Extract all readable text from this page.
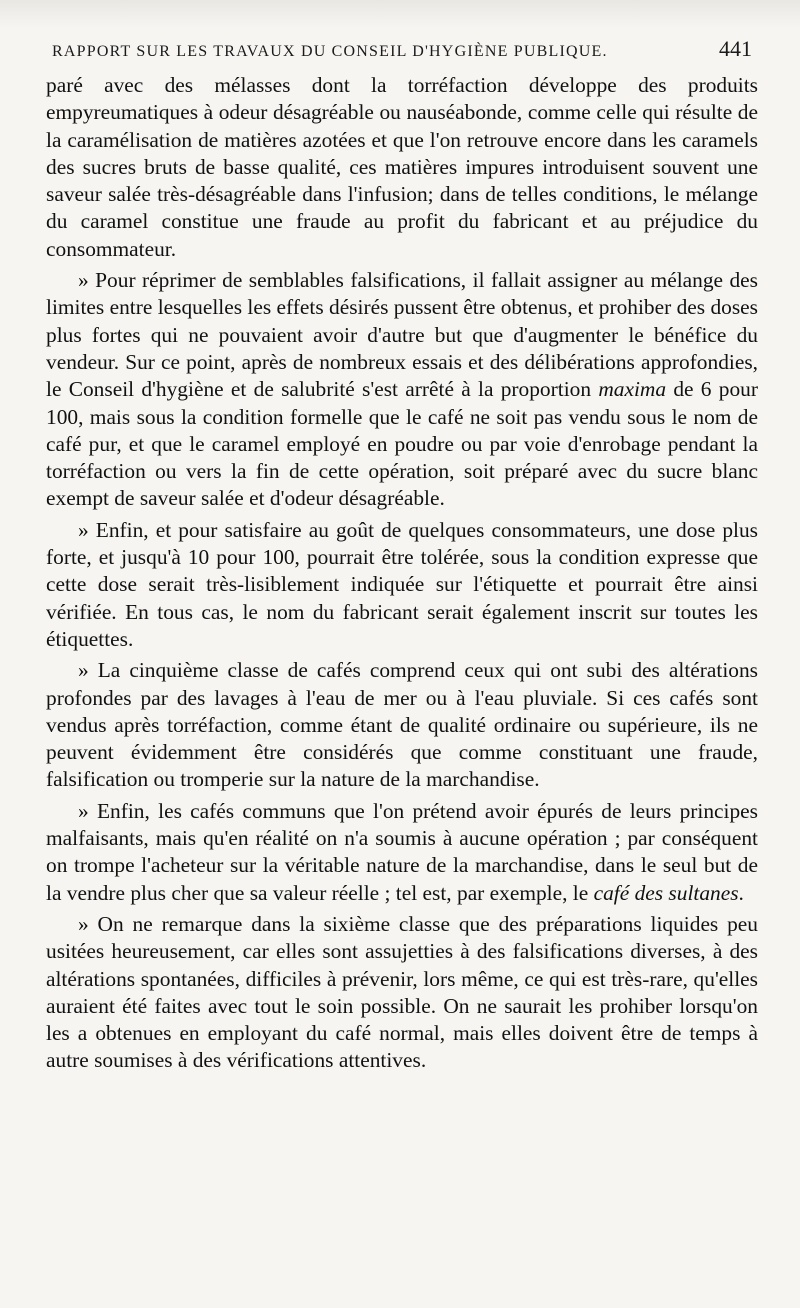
RAPPORT SUR LES TRAVAUX DU CONSEIL D'HYGIÈNE PUBLIQUE.	441

paré avec des mélasses dont la torréfaction développe des produits empyreumatiques à odeur désagréable ou nauséabonde, comme celle qui résulte de la caramélisation de matières azotées et que l'on retrouve encore dans les caramels des sucres bruts de basse qualité, ces matières impures introduisent souvent une saveur salée très-désagréable dans l'infusion; dans de telles conditions, le mélange du caramel constitue une fraude au profit du fabricant et au préjudice du consommateur.

» Pour réprimer de semblables falsifications, il fallait assigner au mélange des limites entre lesquelles les effets désirés pussent être obtenus, et prohiber des doses plus fortes qui ne pouvaient avoir d'autre but que d'augmenter le bénéfice du vendeur. Sur ce point, après de nombreux essais et des délibérations approfondies, le Conseil d'hygiène et de salubrité s'est arrêté à la proportion maxima de 6 pour 100, mais sous la condition formelle que le café ne soit pas vendu sous le nom de café pur, et que le caramel employé en poudre ou par voie d'enrobage pendant la torréfaction ou vers la fin de cette opération, soit préparé avec du sucre blanc exempt de saveur salée et d'odeur désagréable.

» Enfin, et pour satisfaire au goût de quelques consommateurs, une dose plus forte, et jusqu'à 10 pour 100, pourrait être tolérée, sous la condition expresse que cette dose serait très-lisiblement indiquée sur l'étiquette et pourrait être ainsi vérifiée. En tous cas, le nom du fabricant serait également inscrit sur toutes les étiquettes.

» La cinquième classe de cafés comprend ceux qui ont subi des altérations profondes par des lavages à l'eau de mer ou à l'eau pluviale. Si ces cafés sont vendus après torréfaction, comme étant de qualité ordinaire ou supérieure, ils ne peuvent évidemment être considérés que comme constituant une fraude, falsification ou tromperie sur la nature de la marchandise.

» Enfin, les cafés communs que l'on prétend avoir épurés de leurs principes malfaisants, mais qu'en réalité on n'a soumis à aucune opération ; par conséquent on trompe l'acheteur sur la véritable nature de la marchandise, dans le seul but de la vendre plus cher que sa valeur réelle ; tel est, par exemple, le café des sultanes.

» On ne remarque dans la sixième classe que des préparations liquides peu usitées heureusement, car elles sont assujetties à des falsifications diverses, à des altérations spontanées, difficiles à prévenir, lors même, ce qui est très-rare, qu'elles auraient été faites avec tout le soin possible. On ne saurait les prohiber lorsqu'on les a obtenues en employant du café normal, mais elles doivent être de temps à autre soumises à des vérifications attentives.
